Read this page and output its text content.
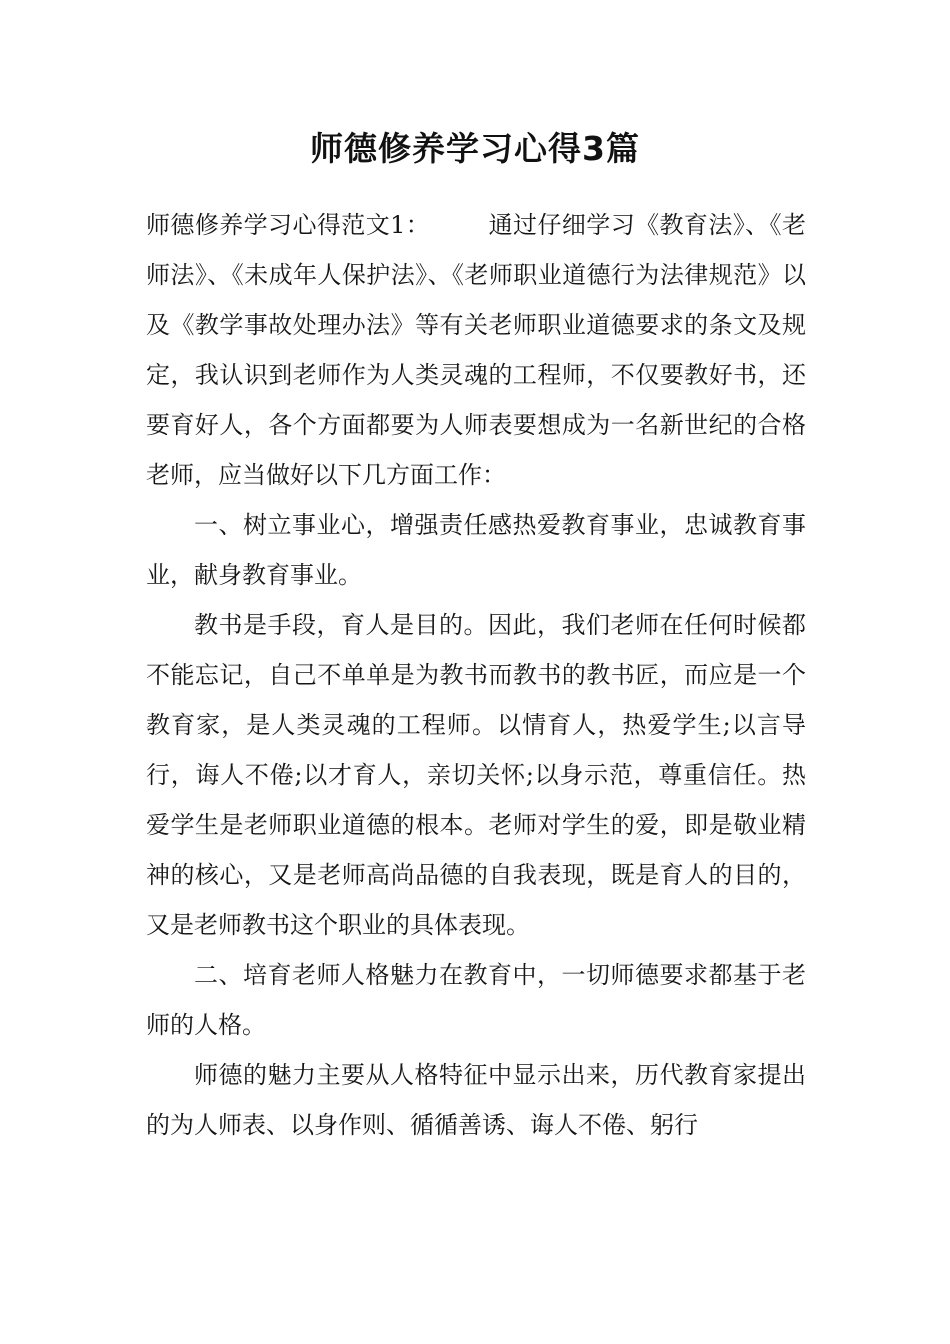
师德修养学习心得3篇

师德修养学习心得范文1： 通过仔细学习《教育法》、《老师法》、《未成年人保护法》、《老师职业道德行为法律规范》以及《教学事故处理办法》等有关老师职业道德要求的条文及规定，我认识到老师作为人类灵魂的工程师，不仅要教好书，还要育好人，各个方面都要为人师表要想成为一名新世纪的合格老师，应当做好以下几方面工作：

一、树立事业心，增强责任感热爱教育事业，忠诚教育事业，献身教育事业。

教书是手段，育人是目的。因此，我们老师在任何时候都不能忘记，自己不单单是为教书而教书的教书匠，而应是一个教育家，是人类灵魂的工程师。以情育人，热爱学生;以言导行，诲人不倦;以才育人，亲切关怀;以身示范，尊重信任。热爱学生是老师职业道德的根本。老师对学生的爱，即是敬业精神的核心，又是老师高尚品德的自我表现，既是育人的目的，又是老师教书这个职业的具体表现。

二、培育老师人格魅力在教育中，一切师德要求都基于老师的人格。

师德的魅力主要从人格特征中显示出来，历代教育家提出的为人师表、以身作则、循循善诱、诲人不倦、躬行
